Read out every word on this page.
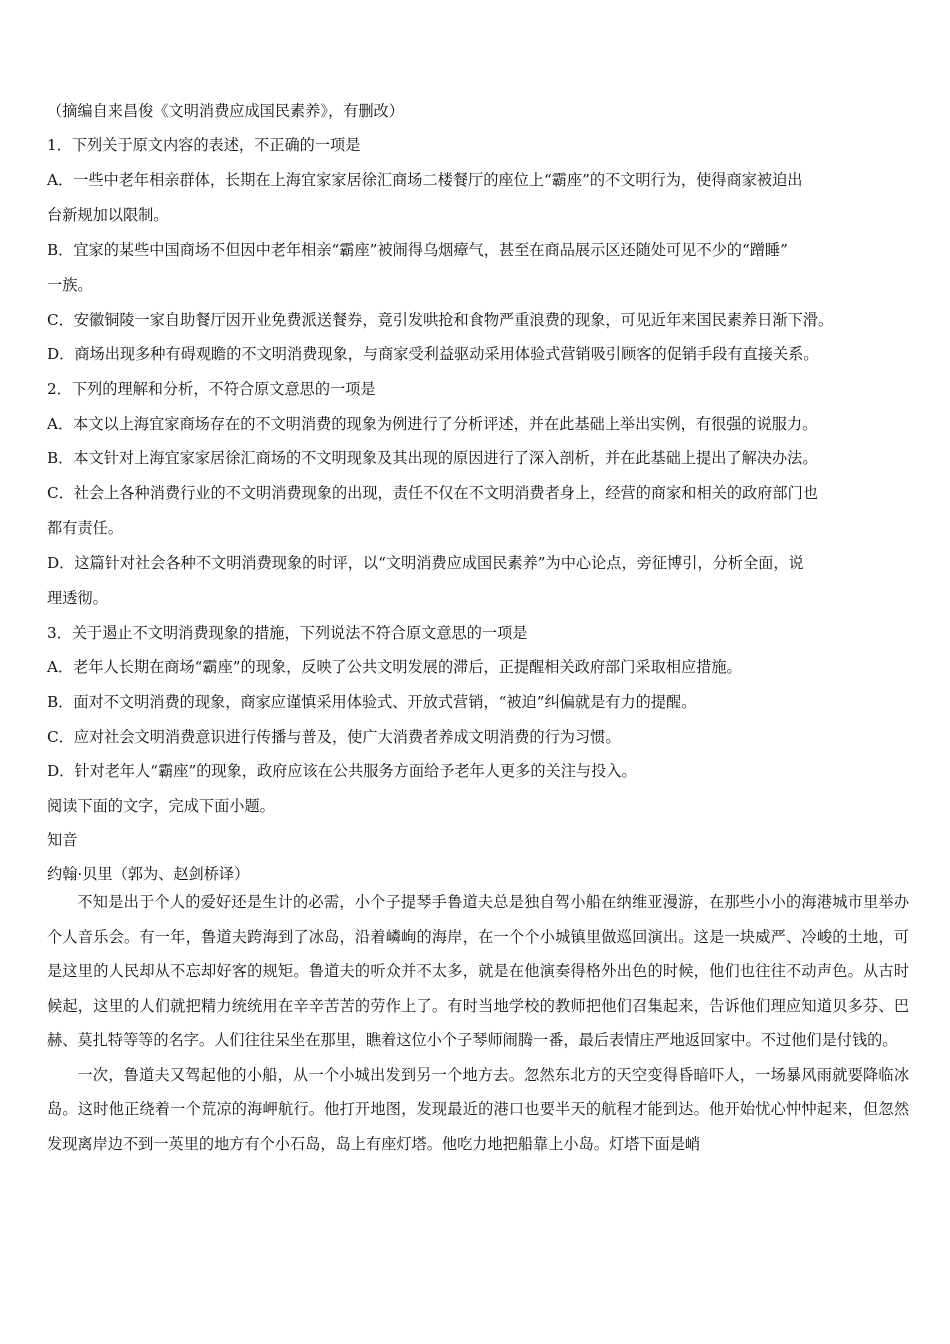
（摘编自来昌俊《文明消费应成国民素养》，有删改）
1．下列关于原文内容的表述，不正确的一项是
A．一些中老年相亲群体，长期在上海宜家家居徐汇商场二楼餐厅的座位上“霸座”的不文明行为，使得商家被迫出
台新规加以限制。
B．宜家的某些中国商场不但因中老年相亲“霸座”被闹得乌烟瘴气，甚至在商品展示区还随处可见不少的“蹭睡”
一族。
C．安徽铜陵一家自助餐厅因开业免费派送餐券，竟引发哄抢和食物严重浪费的现象，可见近年来国民素养日渐下滑。
D．商场出现多种有碍观瞻的不文明消费现象，与商家受利益驱动采用体验式营销吸引顾客的促销手段有直接关系。
2．下列的理解和分析，不符合原文意思的一项是
A．本文以上海宜家商场存在的不文明消费的现象为例进行了分析评述，并在此基础上举出实例，有很强的说服力。
B．本文针对上海宜家家居徐汇商场的不文明现象及其出现的原因进行了深入剖析，并在此基础上提出了解决办法。
C．社会上各种消费行业的不文明消费现象的出现，责任不仅在不文明消费者身上，经营的商家和相关的政府部门也
都有责任。
D．这篇针对社会各种不文明消费现象的时评，以“文明消费应成国民素养”为中心论点，旁征博引，分析全面，说
理透彻。
3．关于遏止不文明消费现象的措施，下列说法不符合原文意思的一项是
A．老年人长期在商场“霸座”的现象，反映了公共文明发展的滞后，正提醒相关政府部门采取相应措施。
B．面对不文明消费的现象，商家应谨慎采用体验式、开放式营销，“被迫”纠偏就是有力的提醒。
C．应对社会文明消费意识进行传播与普及，使广大消费者养成文明消费的行为习惯。
D．针对老年人“霸座”的现象，政府应该在公共服务方面给予老年人更多的关注与投入。
阅读下面的文字，完成下面小题。
知音
约翰·贝里（郭为、赵剑桥译）

不知是出于个人的爱好还是生计的必需，小个子提琴手鲁道夫总是独自驾小船在纳维亚漫游，在那些小小的海港城市里举办个人音乐会。有一年，鲁道夫跨海到了冰岛，沿着嶙峋的海岸，在一个个小城镇里做巡回演出。这是一块威严、冷峻的土地，可是这里的人民却从不忘却好客的规矩。鲁道夫的听众并不太多，就是在他演奏得格外出色的时候，他们也往往不动声色。从古时候起，这里的人们就把精力统统用在辛辛苦苦的劳作上了。有时当地学校的教师把他们召集起来，告诉他们理应知道贝多芬、巴赫、莫扎特等等的名字。人们往往呆坐在那里，瞧着这位小个子琴师闹腾一番，最后表情庄严地返回家中。不过他们是付钱的。

一次，鲁道夫又驾起他的小船，从一个小城出发到另一个地方去。忽然东北方的天空变得昏暗吓人，一场暴风雨就要降临冰岛。这时他正绕着一个荒凉的海岬航行。他打开地图，发现最近的港口也要半天的航程才能到达。他开始忧心忡忡起来，但忽然发现离岸边不到一英里的地方有个小石岛，岛上有座灯塔。他吃力地把船靠上小岛。灯塔下面是峭
